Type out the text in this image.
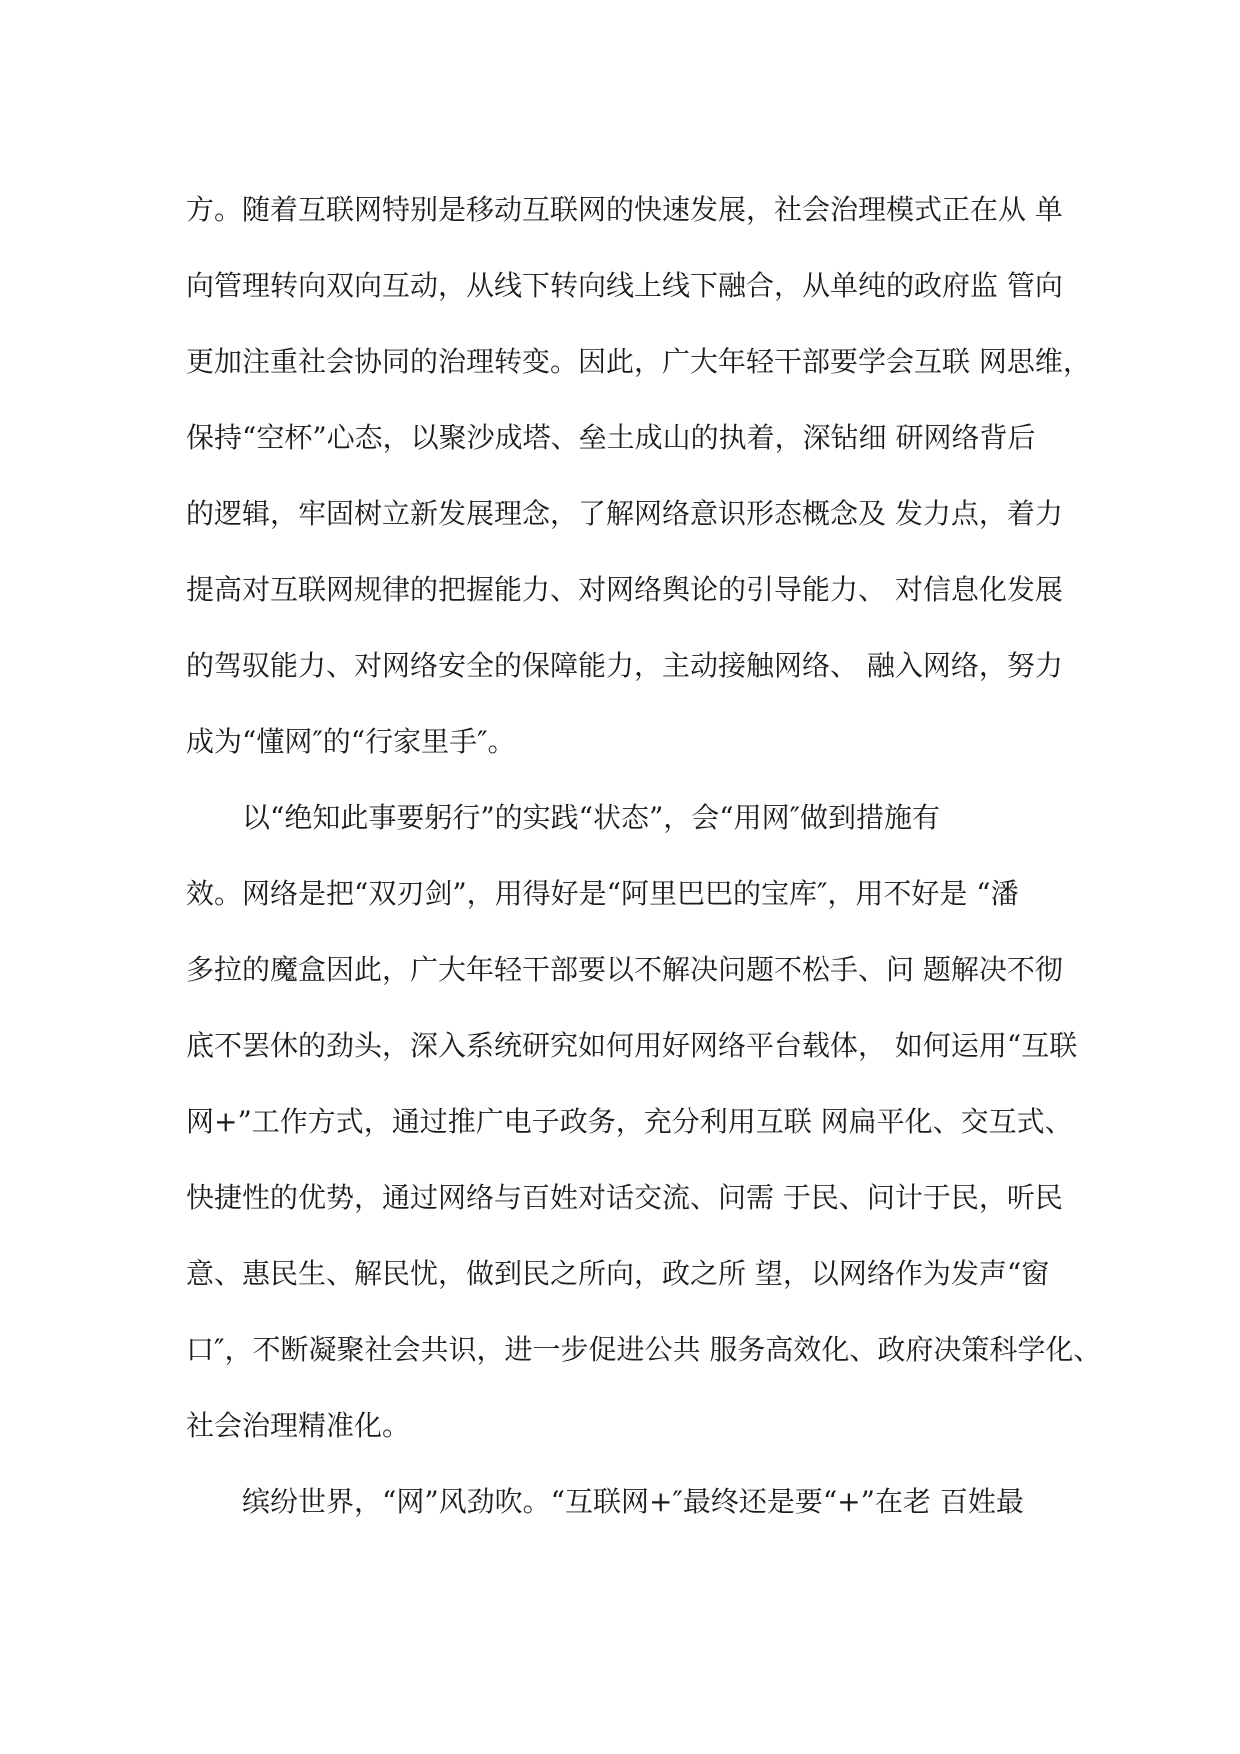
方。随着互联网特别是移动互联网的快速发展，社会治理模式正在从 单
向管理转向双向互动，从线下转向线上线下融合，从单纯的政府监 管向
更加注重社会协同的治理转变。因此，广大年轻干部要学会互联 网思维，
保持“空杯”心态，以聚沙成塔、垒土成山的执着，深钻细 研网络背后
的逻辑，牢固树立新发展理念，了解网络意识形态概念及 发力点，着力
提高对互联网规律的把握能力、对网络舆论的引导能力、 对信息化发展
的驾驭能力、对网络安全的保障能力，主动接触网络、 融入网络，努力
成为“懂网″的“行家里手″。
以“绝知此事要躬行”的实践“状态”，会“用网″做到措施有
效。网络是把“双刃剑”，用得好是“阿里巴巴的宝库″，用不好是 “潘
多拉的魔盒因此，广大年轻干部要以不解决问题不松手、问 题解决不彻
底不罢休的劲头，深入系统研究如何用好网络平台载体， 如何运用“互联
网+”工作方式，通过推广电子政务，充分利用互联 网扁平化、交互式、
快捷性的优势，通过网络与百姓对话交流、问需 于民、问计于民，听民
意、惠民生、解民忧，做到民之所向，政之所 望，以网络作为发声“窗
口″，不断凝聚社会共识，进一步促进公共 服务高效化、政府决策科学化、
社会治理精准化。
缤纷世界，“网”风劲吹。“互联网+″最终还是要“+”在老 百姓最
